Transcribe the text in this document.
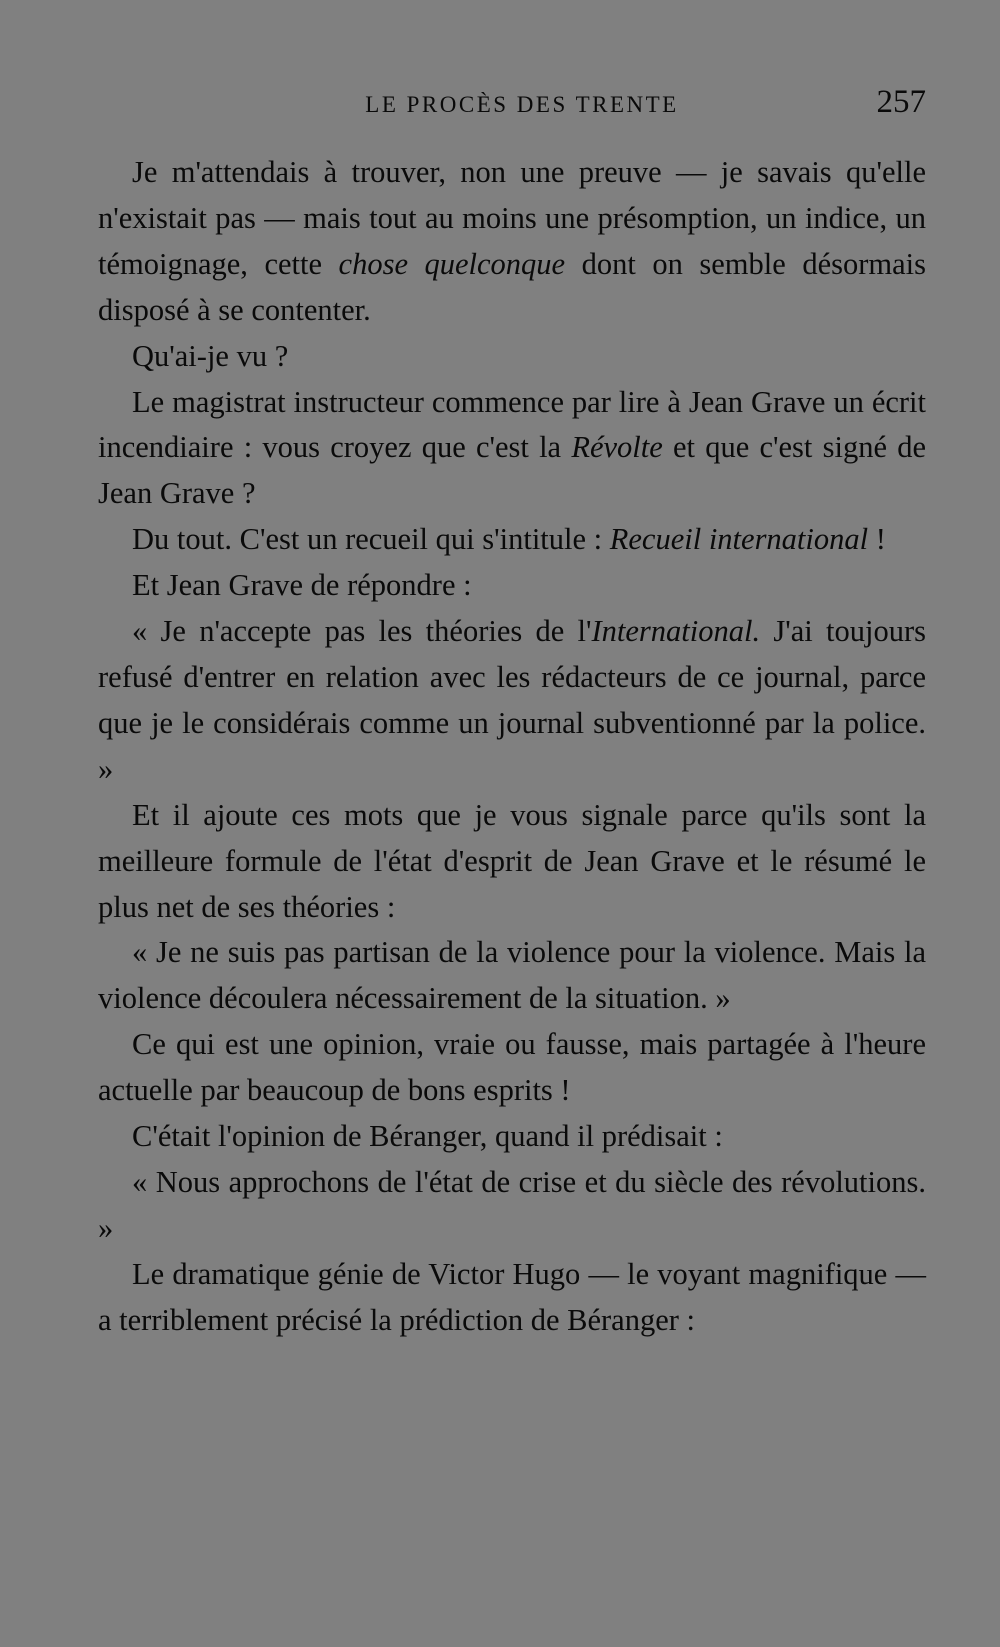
LE PROCÈS DES TRENTE	257

Je m'attendais à trouver, non une preuve — je savais qu'elle n'existait pas — mais tout au moins une présomption, un indice, un témoignage, cette chose quelconque dont on semble désormais disposé à se contenter.

Qu'ai-je vu ?

Le magistrat instructeur commence par lire à Jean Grave un écrit incendiaire : vous croyez que c'est la Révolte et que c'est signé de Jean Grave ?

Du tout. C'est un recueil qui s'intitule : Recueil international !

Et Jean Grave de répondre :

« Je n'accepte pas les théories de l'International. J'ai toujours refusé d'entrer en relation avec les rédacteurs de ce journal, parce que je le considérais comme un journal subventionné par la police. »

Et il ajoute ces mots que je vous signale parce qu'ils sont la meilleure formule de l'état d'esprit de Jean Grave et le résumé le plus net de ses théories :

« Je ne suis pas partisan de la violence pour la violence. Mais la violence découlera nécessairement de la situation. »

Ce qui est une opinion, vraie ou fausse, mais partagée à l'heure actuelle par beaucoup de bons esprits !

C'était l'opinion de Béranger, quand il prédisait :

« Nous approchons de l'état de crise et du siècle des révolutions. »

Le dramatique génie de Victor Hugo — le voyant magnifique — a terriblement précisé la prédiction de Béranger :
